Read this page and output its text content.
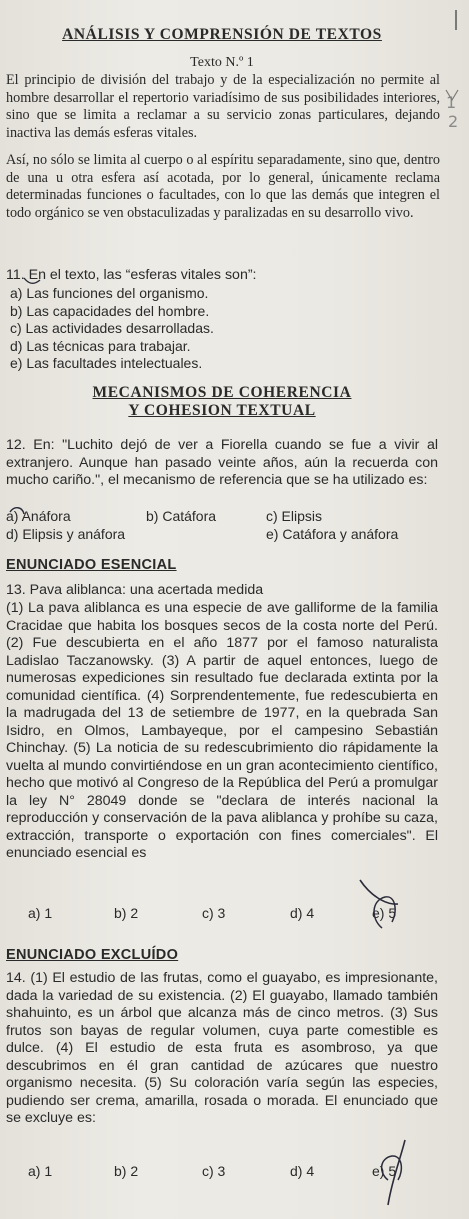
ANÁLISIS Y COMPRENSIÓN DE TEXTOS
Texto N.º 1
El principio de división del trabajo y de la especialización no permite al hombre desarrollar el repertorio variadísimo de sus posibilidades interiores, sino que se limita a reclamar a su servicio zonas particulares, dejando inactiva las demás esferas vitales.
Así, no sólo se limita al cuerpo o al espíritu separadamente, sino que, dentro de una u otra esfera así acotada, por lo general, únicamente reclama determinadas funciones o facultades, con lo que las demás que integren el todo orgánico se ven obstaculizadas y paralizadas en su desarrollo vivo.
1
2
11. En el texto, las “esferas vitales son”:
a) Las funciones del organismo.
b) Las capacidades del hombre.
c) Las actividades desarrolladas.
d) Las técnicas para trabajar.
e) Las facultades intelectuales.
MECANISMOS DE COHERENCIA
Y COHESION TEXTUAL
12. En: "Luchito dejó de ver a Fiorella cuando se fue a vivir al extranjero. Aunque han pasado veinte años, aún la recuerda con mucho cariño.", el mecanismo de referencia que se ha utilizado es:
a) Anáfora	b) Catáfora	c) Elipsis
d) Elipsis y anáfora	e) Catáfora y anáfora
ENUNCIADO ESENCIAL
13. Pava aliblanca: una acertada medida
(1) La pava aliblanca es una especie de ave galliforme de la familia Cracidae que habita los bosques secos de la costa norte del Perú. (2) Fue descubierta en el año 1877 por el famoso naturalista Ladislao Taczanowsky. (3) A partir de aquel entonces, luego de numerosas expediciones sin resultado fue declarada extinta por la comunidad científica. (4) Sorprendentemente, fue redescubierta en la madrugada del 13 de setiembre de 1977, en la quebrada San Isidro, en Olmos, Lambayeque, por el campesino Sebastián Chinchay. (5) La noticia de su redescubrimiento dio rápidamente la vuelta al mundo convirtiéndose en un gran acontecimiento científico, hecho que motivó al Congreso de la República del Perú a promulgar la ley N° 28049 donde se "declara de interés nacional la reproducción y conservación de la pava aliblanca y prohíbe su caza, extracción, transporte o exportación con fines comerciales". El enunciado esencial es
a) 1	b) 2	c) 3	d) 4	e) 5
ENUNCIADO EXCLUÍDO
14. (1) El estudio de las frutas, como el guayabo, es impresionante, dada la variedad de su existencia. (2) El guayabo, llamado también shahuinto, es un árbol que alcanza más de cinco metros. (3) Sus frutos son bayas de regular volumen, cuya parte comestible es dulce. (4) El estudio de esta fruta es asombroso, ya que descubrimos en él gran cantidad de azúcares que nuestro organismo necesita. (5) Su coloración varía según las especies, pudiendo ser crema, amarilla, rosada o morada. El enunciado que se excluye es:
a) 1	b) 2	c) 3	d) 4	e) 5
